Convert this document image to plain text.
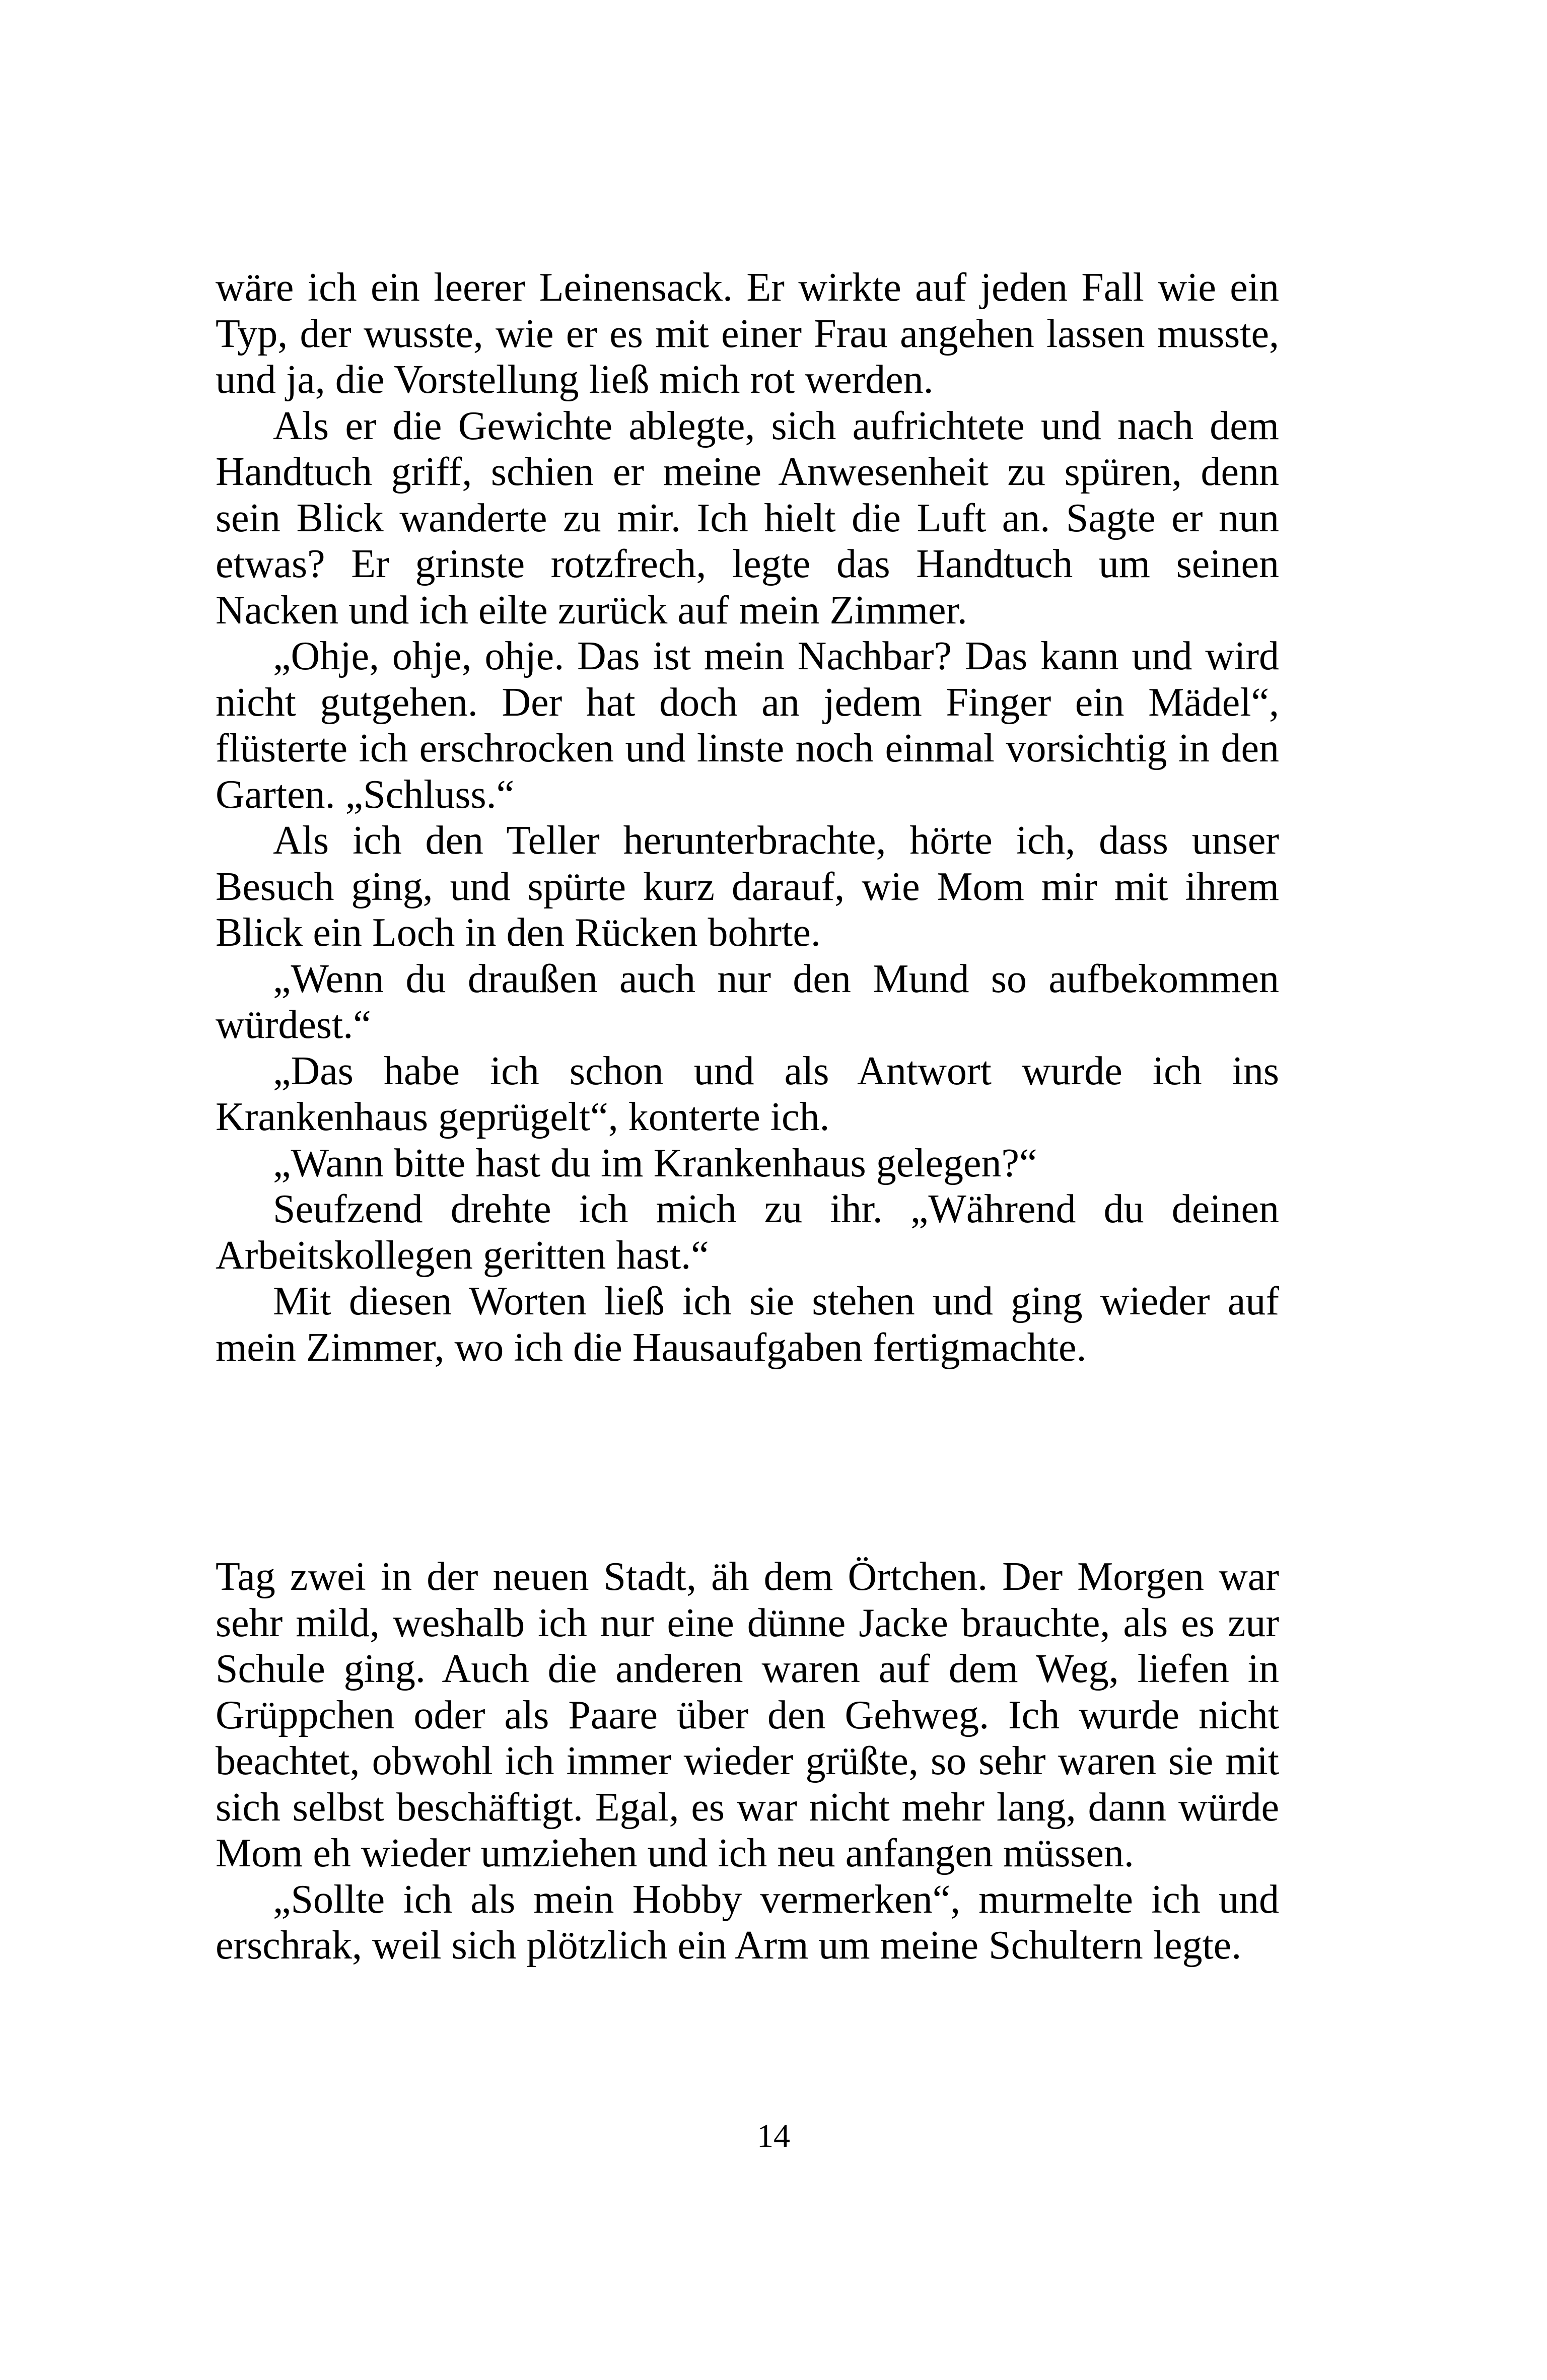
wäre ich ein leerer Leinensack. Er wirkte auf jeden Fall wie ein Typ, der wusste, wie er es mit einer Frau angehen lassen musste, und ja, die Vorstellung ließ mich rot werden.

Als er die Gewichte ablegte, sich aufrichtete und nach dem Handtuch griff, schien er meine Anwesenheit zu spüren, denn sein Blick wanderte zu mir. Ich hielt die Luft an. Sagte er nun etwas? Er grinste rotzfrech, legte das Handtuch um seinen Nacken und ich eilte zurück auf mein Zimmer.

„Ohje, ohje, ohje. Das ist mein Nachbar? Das kann und wird nicht gutgehen. Der hat doch an jedem Finger ein Mädel“, flüsterte ich erschrocken und linste noch einmal vorsichtig in den Garten. „Schluss.“

Als ich den Teller herunterbrachte, hörte ich, dass unser Besuch ging, und spürte kurz darauf, wie Mom mir mit ihrem Blick ein Loch in den Rücken bohrte.

„Wenn du draußen auch nur den Mund so aufbekommen würdest.“

„Das habe ich schon und als Antwort wurde ich ins Krankenhaus geprügelt“, konterte ich.

„Wann bitte hast du im Krankenhaus gelegen?“

Seufzend drehte ich mich zu ihr. „Während du deinen Arbeitskollegen geritten hast.“

Mit diesen Worten ließ ich sie stehen und ging wieder auf mein Zimmer, wo ich die Hausaufgaben fertigmachte.

Tag zwei in der neuen Stadt, äh dem Örtchen. Der Morgen war sehr mild, weshalb ich nur eine dünne Jacke brauchte, als es zur Schule ging. Auch die anderen waren auf dem Weg, liefen in Grüppchen oder als Paare über den Gehweg. Ich wurde nicht beachtet, obwohl ich immer wieder grüßte, so sehr waren sie mit sich selbst beschäftigt. Egal, es war nicht mehr lang, dann würde Mom eh wieder umziehen und ich neu anfangen müssen.

„Sollte ich als mein Hobby vermerken“, murmelte ich und erschrak, weil sich plötzlich ein Arm um meine Schultern legte.

14
